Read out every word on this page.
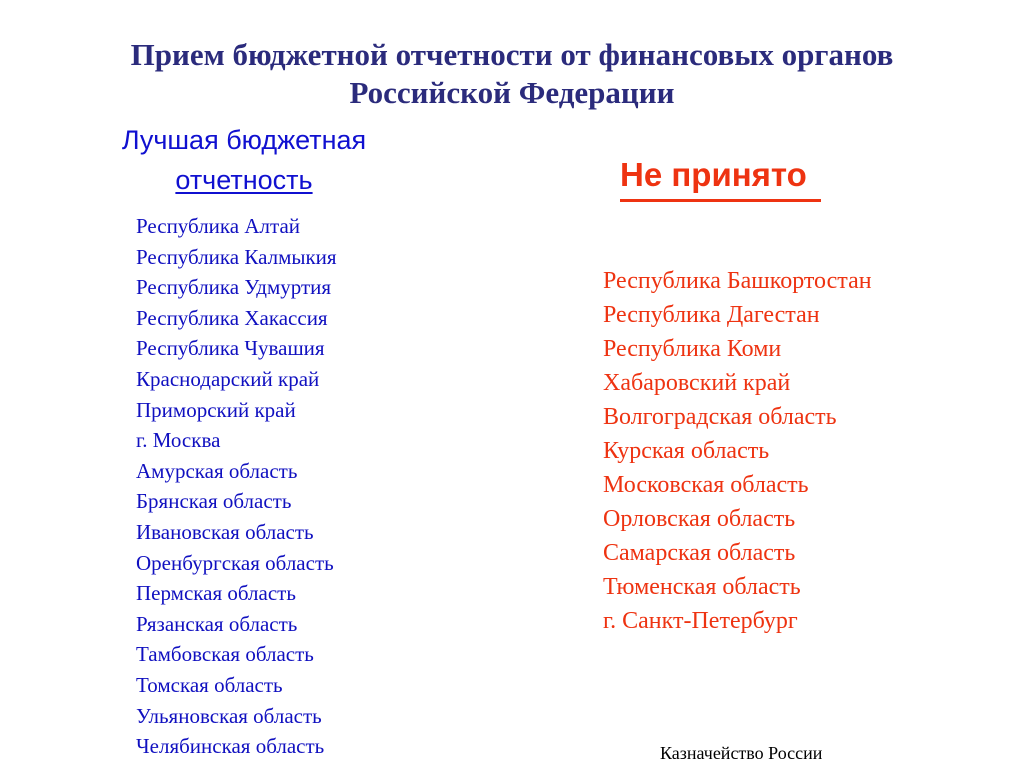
Прием бюджетной отчетности от финансовых органов
Российской Федерации
Лучшая бюджетная
отчетность	Не принято
Республика Алтай
Республика Калмыкия
Республика Удмуртия
Республика Хакассия
Республика Чувашия
Краснодарский край
Приморский край
г. Москва
Амурская область
Брянская область
Ивановская область
Оренбургская область
Пермская область
Рязанская область
Тамбовская область
Томская область
Ульяновская область
Челябинская область
Республика Башкортостан
Республика Дагестан
Республика Коми
Хабаровский край
Волгоградская область
Курская область
Московская область
Орловская область
Самарская область
Тюменская область
г. Санкт-Петербург
Казначейство России
